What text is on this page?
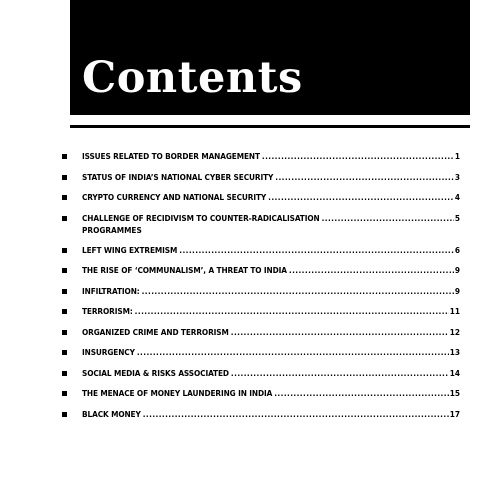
Contents
ISSUES RELATED TO BORDER MANAGEMENT .....	1
STATUS OF INDIA’S NATIONAL CYBER SECURITY .....	3
CRYPTO CURRENCY AND NATIONAL SECURITY .....	4
CHALLENGE OF RECIDIVISM TO COUNTER-RADICALISATION .....	5
PROGRAMMES
LEFT WING EXTREMISM .....	6
THE RISE OF ‘COMMUNALISM’, A THREAT TO INDIA .....	9
INFILTRATION: .....	9
TERRORISM: .....	11
ORGANIZED CRIME AND TERRORISM .....	12
INSURGENCY .....	13
SOCIAL MEDIA & RISKS ASSOCIATED .....	14
THE MENACE OF MONEY LAUNDERING IN INDIA .....	15
BLACK MONEY .....	17
